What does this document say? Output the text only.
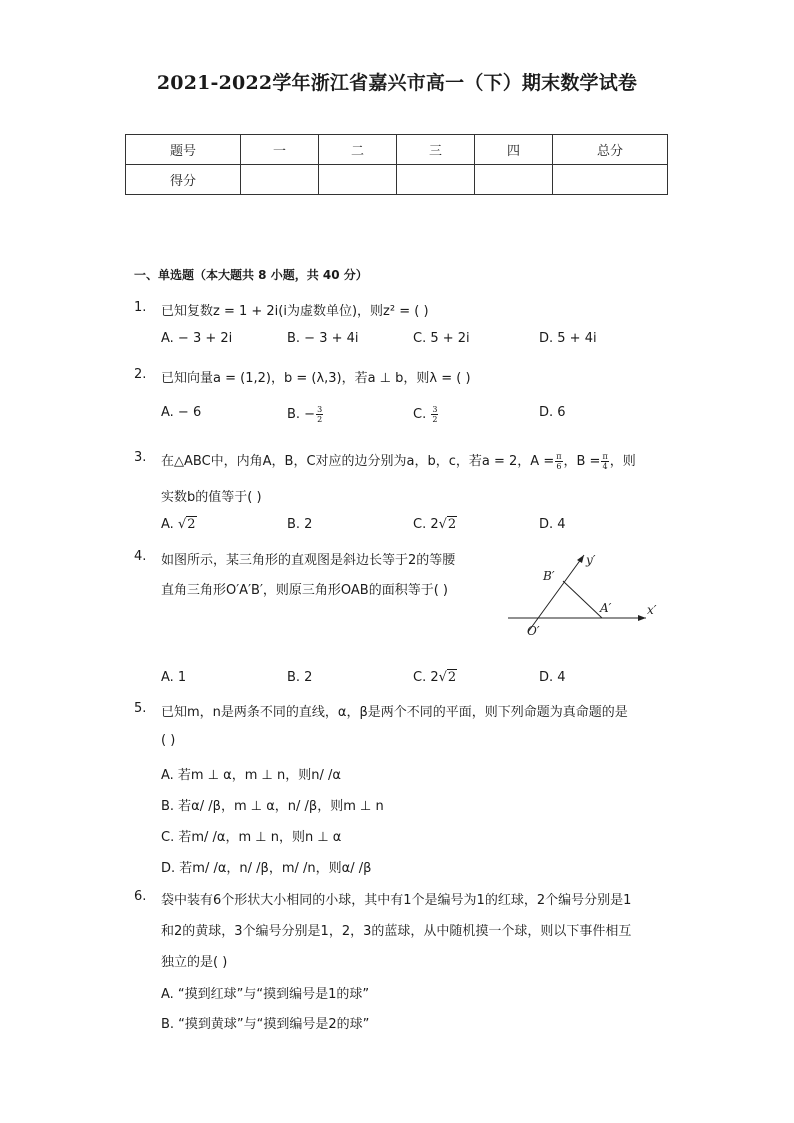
2021-2022学年浙江省嘉兴市高一（下）期末数学试卷
题号	一	二	三	四	总分
得分					
一、单选题（本大题共 8 小题，共 40 分）
1. 已知复数z = 1 + 2i(i为虚数单位)，则z² = ( )
A. − 3 + 2i	B. − 3 + 4i	C. 5 + 2i	D. 5 + 4i
2. 已知向量a = (1,2)，b = (λ,3)，若a ⊥ b，则λ = ( )
A. − 6	B. − $\frac{3}{2}$	C. $\frac{3}{2}$	D. 6
3. 在△ABC中，内角A，B，C对应的边分别为a，b，c，若a = 2，$A = \frac{\pi}{6}$ ，$B = \frac{\pi}{4}$ ，则
实数b的值等于( )
A. √2	B. 2	C. 2√2	D. 4
4. 如图所示，某三角形的直观图是斜边长等于2的等腰
直角三角形O′A′B′，则原三角形OAB的面积等于( )
B′
A′
O′
y′
x′
A. 1	B. 2	C. 2√2	D. 4
5. 已知m，n是两条不同的直线，α，β是两个不同的平面，则下列命题为真命题的是
( )
A. 若m ⊥ α，m ⊥ n，则n/ /α
B. 若α/ /β，m ⊥ α，n/ /β，则m ⊥ n
C. 若m/ /α，m ⊥ n，则n ⊥ α
D. 若m/ /α，n/ /β，m/ /n，则α/ /β
6. 袋中装有6个形状大小相同的小球，其中有1个是编号为1的红球，2个编号分别是1
和2的黄球，3个编号分别是1，2，3的蓝球，从中随机摸一个球，则以下事件相互
独立的是( )
A. “摸到红球”与“摸到编号是1的球”
B. “摸到黄球”与“摸到编号是2的球”
